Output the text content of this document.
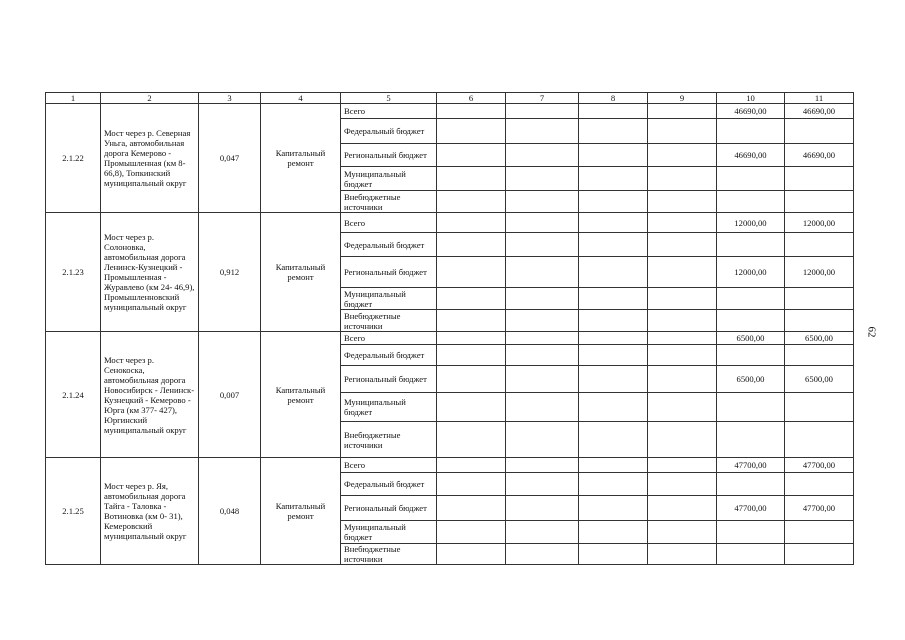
1	2	3	4	5	6	7	8	9	10	11
2.1.22	Мост через р. Северная Уньга, автомобильная дорога Кемерово - Промышленная (км 8- 66,8), Топкинский муниципальный округ	0,047	Капитальный ремонт	Всего					46690,00	46690,00
				Федеральный бюджет						
				Региональный бюджет					46690,00	46690,00
				Муниципальный бюджет						
				Внебюджетные источники						
2.1.23	Мост через р. Солоновка, автомобильная дорога Ленинск-Кузнецкий - Промышленная - Журавлево (км 24- 46,9), Промышленновский муниципальный округ	0,912	Капитальный ремонт	Всего					12000,00	12000,00
				Федеральный бюджет						
				Региональный бюджет					12000,00	12000,00
				Муниципальный бюджет						
				Внебюджетные источники						
2.1.24	Мост через р. Сенокоска, автомобильная дорога Новосибирск - Ленинск-Кузнецкий - Кемерово - Юрга (км 377- 427), Юргинский муниципальный округ	0,007	Капитальный ремонт	Всего					6500,00	6500,00
				Федеральный бюджет						
				Региональный бюджет					6500,00	6500,00
				Муниципальный бюджет						
				Внебюджетные источники						
2.1.25	Мост через р. Яя, автомобильная дорога Тайга - Таловка - Вотиновка (км 0- 31), Кемеровский муниципальный округ	0,048	Капитальный ремонт	Всего					47700,00	47700,00
				Федеральный бюджет						
				Региональный бюджет					47700,00	47700,00
				Муниципальный бюджет						
				Внебюджетные источники						
62
